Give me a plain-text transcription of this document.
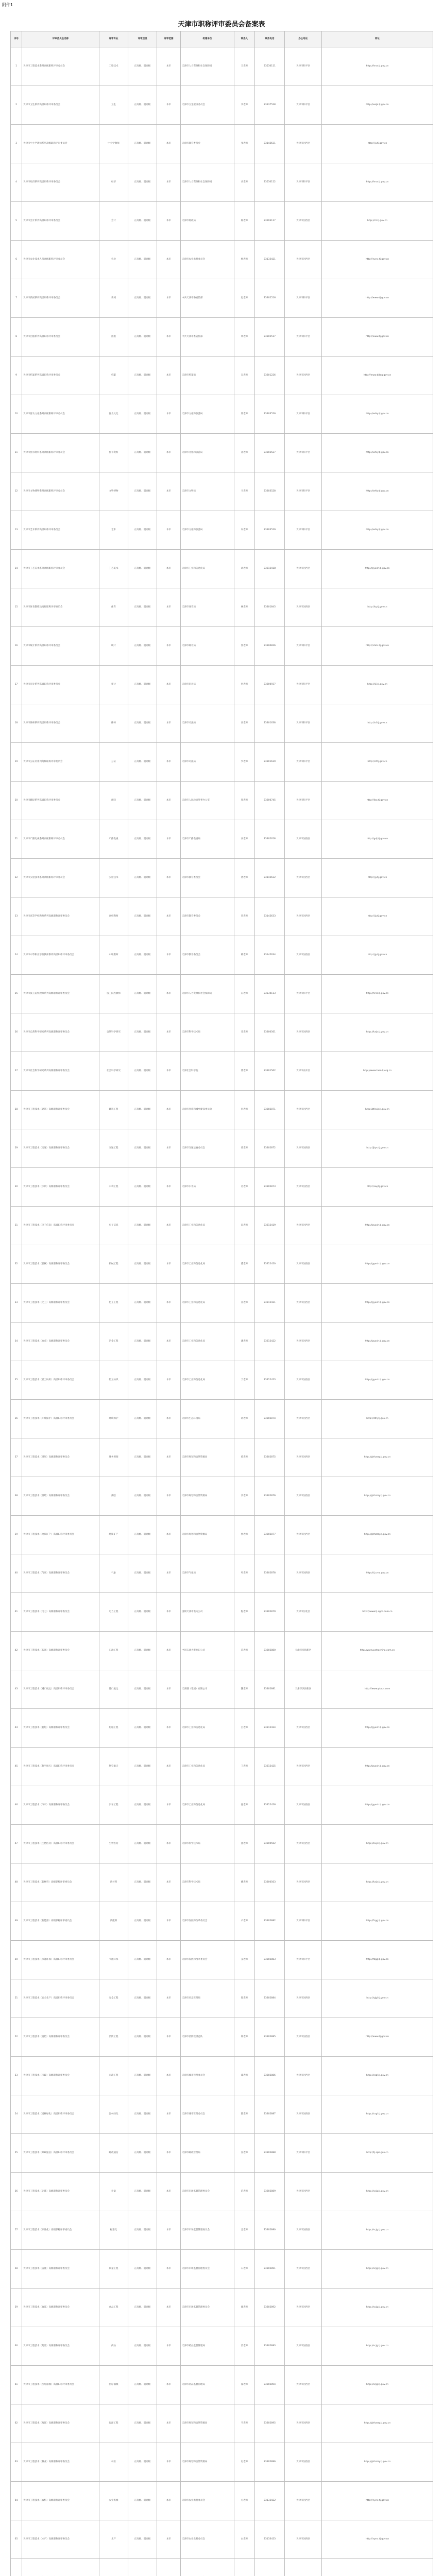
附件1
天津市职称评审委员会备案表
序号	评审委员会名称	评审专业	评审层级	评审范围	组建单位	联系人	联系电话	办公地址	网址
1	天津市工程技术系列高级职称评审委员会	工程技术	正高级、副高级	本市	天津市人力资源和社会保障局	王老师	23530111	天津市和平区	http://hrss.tj.gov.cn
2	天津市卫生系列高级职称评审委员会	卫生	正高级、副高级	本市	天津市卫生健康委员会	李老师	23337528	天津市和平区	http://wsjk.tj.gov.cn
3	天津市中小学教师系列高级职称评审委员会	中小学教师	正高级、副高级	本市	天津市教育委员会	张老师	23145631	天津市河西区	http://jy.tj.gov.cn
4	天津市经济系列高级职称评审委员会	经济	正高级、副高级	本市	天津市人力资源和社会保障局	刘老师	23530112	天津市和平区	http://hrss.tj.gov.cn
5	天津市会计系列高级职称评审委员会	会计	正高级、副高级	本市	天津市财政局	陈老师	23203117	天津市河西区	http://cz.tj.gov.cn
6	天津市农业技术人员高级职称评审委员会	农业	正高级、副高级	本市	天津市农业农村委员会	杨老师	23133421	天津市河西区	http://nync.tj.gov.cn
7	天津市新闻系列高级职称评审委员会	新闻	正高级、副高级	本市	中共天津市委宣传部	赵老师	23302516	天津市和平区	http://www.tj.gov.cn
8	天津市出版系列高级职称评审委员会	出版	正高级、副高级	本市	中共天津市委宣传部	周老师	23302517	天津市和平区	http://www.tj.gov.cn
9	天津市档案系列高级职称评审委员会	档案	正高级、副高级	本市	天津市档案馆	吴老师	23301226	天津市河西区	http://www.tjdag.gov.cn
10	天津市群众文化系列高级职称评审委员会	群众文化	正高级、副高级	本市	天津市文化和旅游局	郑老师	23303526	天津市和平区	http://whly.tj.gov.cn
11	天津市图书资料系列高级职称评审委员会	图书资料	正高级、副高级	本市	天津市文化和旅游局	孙老师	23303527	天津市和平区	http://whly.tj.gov.cn
12	天津市文物博物系列高级职称评审委员会	文物博物	正高级、副高级	本市	天津市文物局	马老师	23303528	天津市和平区	http://whly.tj.gov.cn
13	天津市艺术系列高级职称评审委员会	艺术	正高级、副高级	本市	天津市文化和旅游局	朱老师	23303529	天津市和平区	http://whly.tj.gov.cn
14	天津市工艺美术系列高级职称评审委员会	工艺美术	正高级、副高级	本市	天津市工业和信息化局	胡老师	23312418	天津市河西区	http://gyxxh.tj.gov.cn
15	天津市体育教练员高级职称评审委员会	体育	正高级、副高级	本市	天津市体育局	林老师	23301845	天津市河西区	http://ty.tj.gov.cn
16	天津市统计系列高级职称评审委员会	统计	正高级、副高级	本市	天津市统计局	郭老师	23300826	天津市和平区	http://stats.tj.gov.cn
17	天津市审计系列高级职称评审委员会	审计	正高级、副高级	本市	天津市审计局	何老师	23300937	天津市和平区	http://sjj.tj.gov.cn
18	天津市律师系列高级职称评审委员会	律师	正高级、副高级	本市	天津市司法局	高老师	23301638	天津市和平区	http://sf.tj.gov.cn
19	天津市公证员系列高级职称评审委员会	公证	正高级、副高级	本市	天津市司法局	罗老师	23301639	天津市和平区	http://sf.tj.gov.cn
20	天津市翻译系列高级职称评审委员会	翻译	正高级、副高级	本市	天津市人民政府外事办公室	梁老师	23300745	天津市和平区	http://fao.tj.gov.cn
21	天津市广播电视系列高级职称评审委员会	广播电视	正高级、副高级	本市	天津市广播电视局	宋老师	23302618	天津市河西区	http://gdj.tj.gov.cn
22	天津市实验技术系列高级职称评审委员会	实验技术	正高级、副高级	本市	天津市教育委员会	唐老师	23145632	天津市河西区	http://jy.tj.gov.cn
23	天津市高等学校教师系列高级职称评审委员会	高校教师	正高级、副高级	本市	天津市教育委员会	许老师	23145633	天津市河西区	http://jy.tj.gov.cn
24	天津市中等职业学校教师系列高级职称评审委员会	中职教师	正高级、副高级	本市	天津市教育委员会	韩老师	23145634	天津市河西区	http://jy.tj.gov.cn
25	天津市技工院校教师系列高级职称评审委员会	技工院校教师	正高级、副高级	本市	天津市人力资源和社会保障局	冯老师	23530113	天津市和平区	http://hrss.tj.gov.cn
26	天津市自然科学研究系列高级职称评审委员会	自然科学研究	正高级、副高级	本市	天津市科学技术局	邓老师	23300561	天津市河西区	http://kxjs.tj.gov.cn
27	天津市社会科学研究系列高级职称评审委员会	社会科学研究	正高级、副高级	本市	天津社会科学院	曹老师	23301562	天津市南开区	http://www.tass-tj.org.cn
28	天津市工程技术（建筑）高级职称评审委员会	建筑工程	正高级、副高级	本市	天津市住房和城乡建设委员会	彭老师	23302871	天津市河西区	http://zfcxjs.tj.gov.cn
29	天津市工程技术（交通）高级职称评审委员会	交通工程	正高级、副高级	本市	天津市交通运输委员会	曾老师	23302872	天津市河西区	http://jtys.tj.gov.cn
30	天津市工程技术（水利）高级职称评审委员会	水利工程	正高级、副高级	本市	天津市水务局	肖老师	23302873	天津市河西区	http://swj.tj.gov.cn
31	天津市工程技术（电子信息）高级职称评审委员会	电子信息	正高级、副高级	本市	天津市工业和信息化局	田老师	23312419	天津市河西区	http://gyxxh.tj.gov.cn
32	天津市工程技术（机械）高级职称评审委员会	机械工程	正高级、副高级	本市	天津市工业和信息化局	董老师	23312420	天津市河西区	http://gyxxh.tj.gov.cn
33	天津市工程技术（化工）高级职称评审委员会	化工工程	正高级、副高级	本市	天津市工业和信息化局	袁老师	23312421	天津市河西区	http://gyxxh.tj.gov.cn
34	天津市工程技术（冶金）高级职称评审委员会	冶金工程	正高级、副高级	本市	天津市工业和信息化局	潘老师	23312422	天津市河西区	http://gyxxh.tj.gov.cn
35	天津市工程技术（轻工纺织）高级职称评审委员会	轻工纺织	正高级、副高级	本市	天津市工业和信息化局	于老师	23312423	天津市河西区	http://gyxxh.tj.gov.cn
36	天津市工程技术（环境保护）高级职称评审委员会	环境保护	正高级、副高级	本市	天津市生态环境局	蒋老师	23302874	天津市河西区	http://sthj.tj.gov.cn
37	天津市工程技术（规划）高级职称评审委员会	城乡规划	正高级、副高级	本市	天津市规划和自然资源局	蔡老师	23302875	天津市河西区	http://ghhzrzy.tj.gov.cn
38	天津市工程技术（测绘）高级职称评审委员会	测绘	正高级、副高级	本市	天津市规划和自然资源局	余老师	23302876	天津市河西区	http://ghhzrzy.tj.gov.cn
39	天津市工程技术（地质矿产）高级职称评审委员会	地质矿产	正高级、副高级	本市	天津市规划和自然资源局	杜老师	23302877	天津市河西区	http://ghhzrzy.tj.gov.cn
40	天津市工程技术（气象）高级职称评审委员会	气象	正高级、副高级	本市	天津市气象局	叶老师	23302878	天津市河西区	http://tj.cma.gov.cn
41	天津市工程技术（电力）高级职称评审委员会	电力工程	正高级、副高级	本市	国网天津市电力公司	程老师	23302879	天津市河北区	http://www.tj.sgcc.com.cn
42	天津市工程技术（石油）高级职称评审委员会	石油工程	正高级、副高级	本市	中国石油大港油田公司	苏老师	23302880	天津市滨海新区	http://www.petrochina.com.cn
43	天津市工程技术（港口航运）高级职称评审委员会	港口航运	正高级、副高级	本市	天津港（集团）有限公司	魏老师	23302881	天津市滨海新区	http://www.ptacn.com
44	天津市工程技术（船舶）高级职称评审委员会	船舶工程	正高级、副高级	本市	天津市工业和信息化局	吕老师	23312424	天津市河西区	http://gyxxh.tj.gov.cn
45	天津市工程技术（航空航天）高级职称评审委员会	航空航天	正高级、副高级	本市	天津市工业和信息化局	丁老师	23312425	天津市河西区	http://gyxxh.tj.gov.cn
46	天津市工程技术（汽车）高级职称评审委员会	汽车工程	正高级、副高级	本市	天津市工业和信息化局	任老师	23312426	天津市河西区	http://gyxxh.tj.gov.cn
47	天津市工程技术（生物医药）高级职称评审委员会	生物医药	正高级、副高级	本市	天津市科学技术局	沈老师	23300562	天津市河西区	http://kxjs.tj.gov.cn
48	天津市工程技术（新材料）高级职称评审委员会	新材料	正高级、副高级	本市	天津市科学技术局	姚老师	23300563	天津市河西区	http://kxjs.tj.gov.cn
49	天津市工程技术（新能源）高级职称评审委员会	新能源	正高级、副高级	本市	天津市发展和改革委员会	卢老师	23302882	天津市和平区	http://fzgg.tj.gov.cn
50	天津市工程技术（节能环保）高级职称评审委员会	节能环保	正高级、副高级	本市	天津市发展和改革委员会	姜老师	23302883	天津市和平区	http://fzgg.tj.gov.cn
51	天津市工程技术（安全生产）高级职称评审委员会	安全工程	正高级、副高级	本市	天津市应急管理局	崔老师	23302884	天津市河西区	http://yjgl.tj.gov.cn
52	天津市工程技术（消防）高级职称评审委员会	消防工程	正高级、副高级	本市	天津市消防救援总队	钟老师	23302885	天津市河西区	http://www.tj.gov.cn
53	天津市工程技术（市政）高级职称评审委员会	市政工程	正高级、副高级	本市	天津市城市管理委员会	谭老师	23302886	天津市河西区	http://csgl.tj.gov.cn
54	天津市工程技术（园林绿化）高级职称评审委员会	园林绿化	正高级、副高级	本市	天津市城市管理委员会	陆老师	23302887	天津市河西区	http://csgl.tj.gov.cn
55	天津市工程技术（邮政通信）高级职称评审委员会	邮政通信	正高级、副高级	本市	天津市邮政管理局	汪老师	23302888	天津市和平区	http://tj.spb.gov.cn
56	天津市工程技术（计量）高级职称评审委员会	计量	正高级、副高级	本市	天津市市场监督管理委员会	范老师	23302889	天津市河西区	http://scjg.tj.gov.cn
57	天津市工程技术（标准化）高级职称评审委员会	标准化	正高级、副高级	本市	天津市市场监督管理委员会	金老师	23302890	天津市河西区	http://scjg.tj.gov.cn
58	天津市工程技术（质量）高级职称评审委员会	质量工程	正高级、副高级	本市	天津市市场监督管理委员会	石老师	23302891	天津市河西区	http://scjg.tj.gov.cn
59	天津市工程技术（食品）高级职称评审委员会	食品工程	正高级、副高级	本市	天津市市场监督管理委员会	廖老师	23302892	天津市河西区	http://scjg.tj.gov.cn
60	天津市工程技术（药品）高级职称评审委员会	药品	正高级、副高级	本市	天津市药品监督管理局	贾老师	23302893	天津市河西区	http://scjg.tj.gov.cn
61	天津市工程技术（医疗器械）高级职称评审委员会	医疗器械	正高级、副高级	本市	天津市药品监督管理局	夏老师	23302894	天津市河西区	http://scjg.tj.gov.cn
62	天津市工程技术（海洋）高级职称评审委员会	海洋工程	正高级、副高级	本市	天津市规划和自然资源局	韦老师	23302895	天津市河西区	http://ghhzrzy.tj.gov.cn
63	天津市工程技术（林业）高级职称评审委员会	林业	正高级、副高级	本市	天津市规划和自然资源局	付老师	23302896	天津市河西区	http://ghhzrzy.tj.gov.cn
64	天津市工程技术（农机）高级职称评审委员会	农业机械	正高级、副高级	本市	天津市农业农村委员会	方老师	23133422	天津市河西区	http://nync.tj.gov.cn
65	天津市工程技术（水产）高级职称评审委员会	水产	正高级、副高级	本市	天津市农业农村委员会	白老师	23133423	天津市河西区	http://nync.tj.gov.cn
